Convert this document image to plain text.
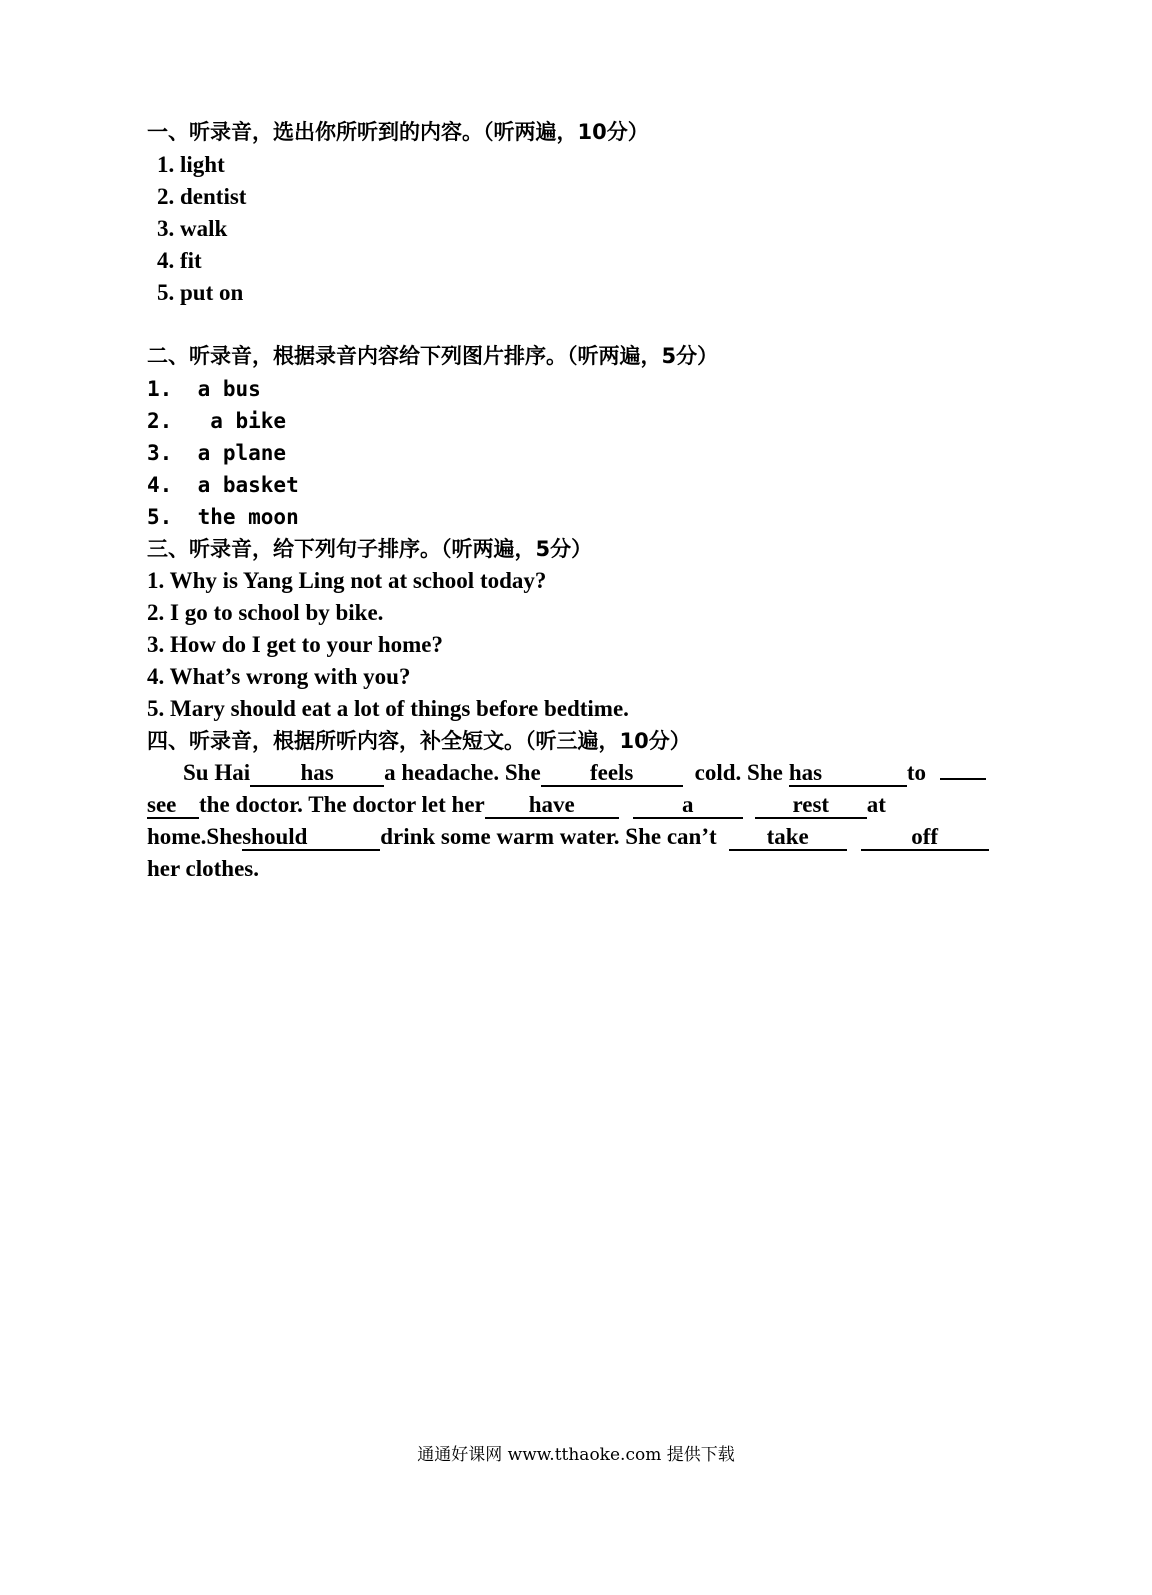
一、听录音，选出你所听到的内容。（听两遍，10分）
1. light
2. dentist
3. walk
4. fit
5. put on
二、听录音，根据录音内容给下列图片排序。（听两遍，5分）
1.  a bus
2.   a bike
3.  a plane
4.  a basket
5.  the moon
三、听录音，给下列句子排序。（听两遍，5分）
1. Why is Yang Ling not at school today?
2. I go to school by bike.
3. How do I get to your home?
4. What’s wrong with you?
5. Mary should eat a lot of things before bedtime.
四、听录音，根据所听内容，补全短文。（听三遍，10分）
Su Hai has a headache. She feels	cold. She has	to
see the doctor. The doctor let her have	a	rest at
home.Sheshould	drink some warm water. She can’t take	off
her clothes.
通通好课网 www.tthaoke.com 提供下载
